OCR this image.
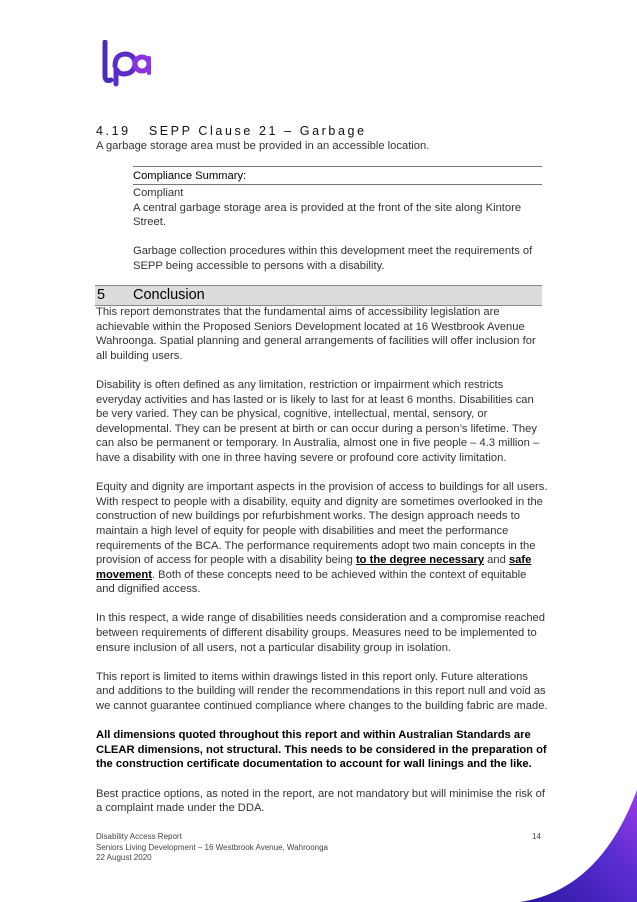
4.19 SEPP Clause 21 – Garbage
A garbage storage area must be provided in an accessible location.
Compliance Summary:

Compliant

A central garbage storage area is provided at the front of the site along Kintore Street.

Garbage collection procedures within this development meet the requirements of SEPP being accessible to persons with a disability.

5 Conclusion

This report demonstrates that the fundamental aims of accessibility legislation are achievable within the Proposed Seniors Development located at 16 Westbrook Avenue Wahroonga. Spatial planning and general arrangements of facilities will offer inclusion for all building users.

Disability is often defined as any limitation, restriction or impairment which restricts everyday activities and has lasted or is likely to last for at least 6 months. Disabilities can be very varied. They can be physical, cognitive, intellectual, mental, sensory, or developmental. They can be present at birth or can occur during a person’s lifetime. They can also be permanent or temporary. In Australia, almost one in five people – 4.3 million – have a disability with one in three having severe or profound core activity limitation.

Equity and dignity are important aspects in the provision of access to buildings for all users. With respect to people with a disability, equity and dignity are sometimes overlooked in the construction of new buildings por refurbishment works. The design approach needs to maintain a high level of equity for people with disabilities and meet the performance requirements of the BCA. The performance requirements adopt two main concepts in the provision of access for people with a disability being to the degree necessary and safe movement. Both of these concepts need to be achieved within the context of equitable and dignified access.

In this respect, a wide range of disabilities needs consideration and a compromise reached between requirements of different disability groups. Measures need to be implemented to ensure inclusion of all users, not a particular disability group in isolation.

This report is limited to items within drawings listed in this report only. Future alterations and additions to the building will render the recommendations in this report null and void as we cannot guarantee continued compliance where changes to the building fabric are made.

All dimensions quoted throughout this report and within Australian Standards are CLEAR dimensions, not structural. This needs to be considered in the preparation of the construction certificate documentation to account for wall linings and the like.

Best practice options, as noted in the report, are not mandatory but will minimise the risk of a complaint made under the DDA.

Disability Access Report
Seniors Living Development – 16 Westbrook Avenue, Wahroonga
22 August 2020
14
